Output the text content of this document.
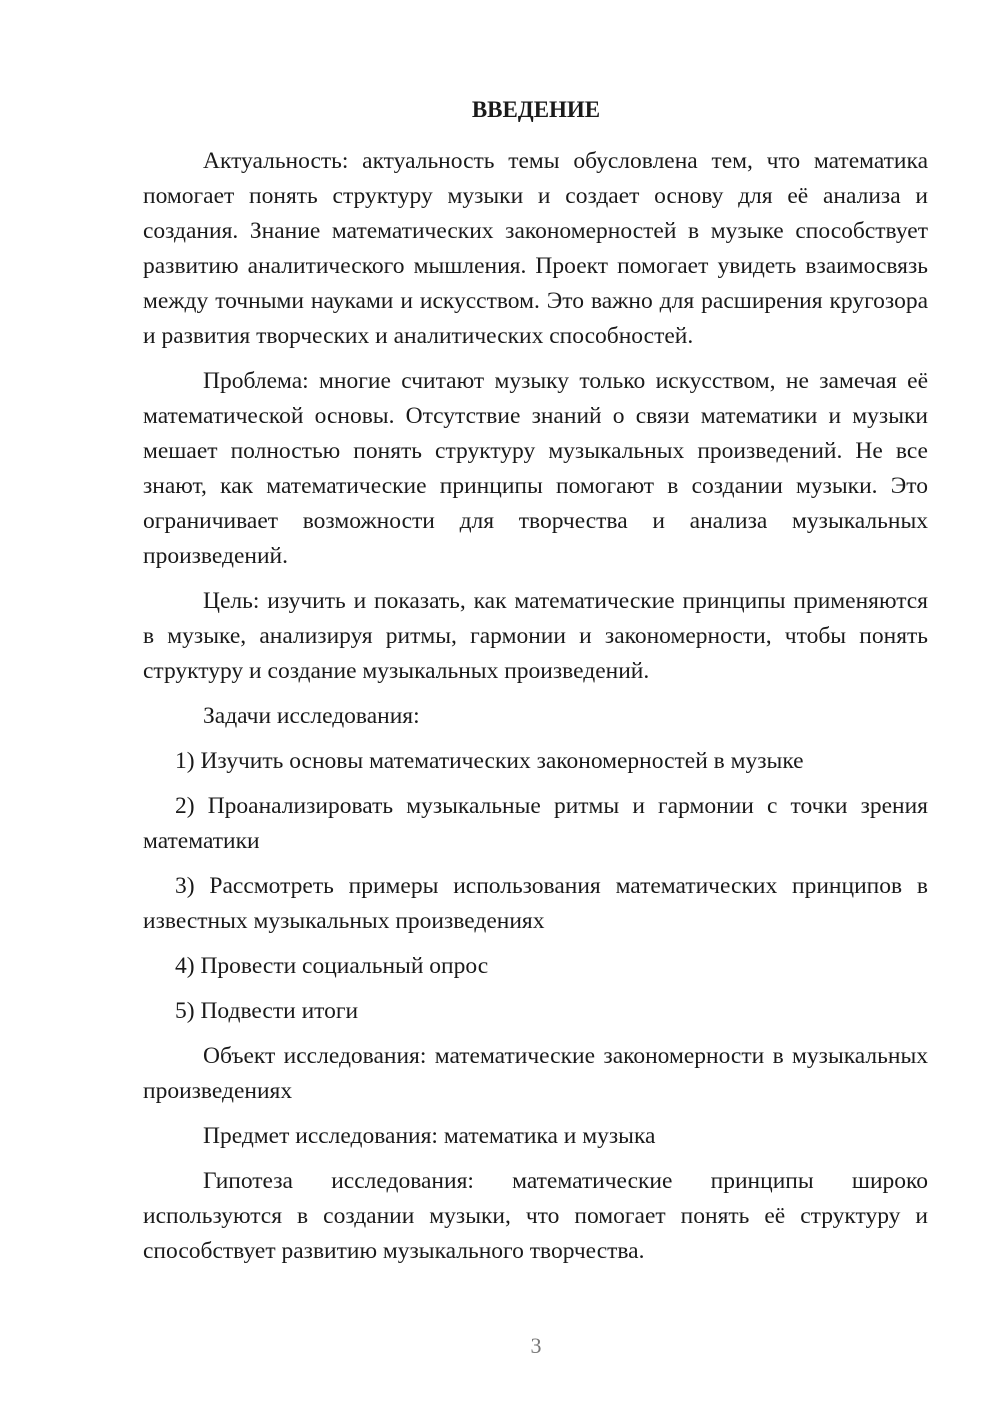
ВВЕДЕНИЕ

Актуальность: актуальность темы обусловлена тем, что математика помогает понять структуру музыки и создает основу для её анализа и создания. Знание математических закономерностей в музыке способствует развитию аналитического мышления. Проект помогает увидеть взаимосвязь между точными науками и искусством. Это важно для расширения кругозора и развития творческих и аналитических способностей.

Проблема: многие считают музыку только искусством, не замечая её математической основы. Отсутствие знаний о связи математики и музыки мешает полностью понять структуру музыкальных произведений. Не все знают, как математические принципы помогают в создании музыки. Это ограничивает возможности для творчества и анализа музыкальных произведений.

Цель: изучить и показать, как математические принципы применяются в музыке, анализируя ритмы, гармонии и закономерности, чтобы понять структуру и создание музыкальных произведений.

Задачи исследования:

1) Изучить основы математических закономерностей в музыке

2) Проанализировать музыкальные ритмы и гармонии с точки зрения математики

3) Рассмотреть примеры использования математических принципов в известных музыкальных произведениях

4) Провести социальный опрос

5) Подвести итоги

Объект исследования: математические закономерности в музыкальных произведениях

Предмет исследования: математика и музыка

Гипотеза исследования: математические принципы широко используются в создании музыки, что помогает понять её структуру и способствует развитию музыкального творчества.

3
